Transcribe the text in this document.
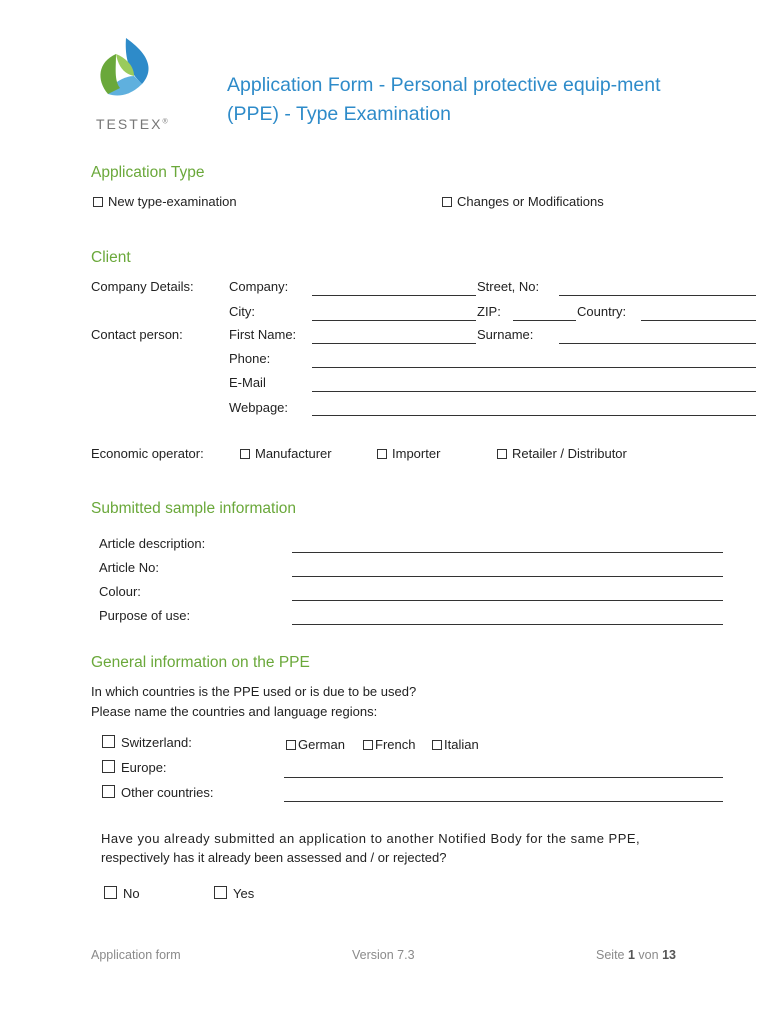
TESTEX®
Application Form - Personal protective equip-ment (PPE) - Type Examination
Application Type
New type-examination	Changes or Modifications
Client
Company Details:	Company:	Street, No:
City:	ZIP:	Country:
Contact person:	First Name:	Surname:
Phone:
E-Mail
Webpage:
Economic operator:	Manufacturer	Importer	Retailer / Distributor
Submitted sample information
Article description:
Article No:
Colour:
Purpose of use:
General information on the PPE
In which countries is the PPE used or is due to be used?
Please name the countries and language regions:
Switzerland:	German	French	Italian
Europe:
Other countries:
Have you already submitted an application to another Notified Body for the same PPE,
respectively has it already been assessed and / or rejected?
No	Yes
Application form	Version 7.3	Seite 1 von 13
